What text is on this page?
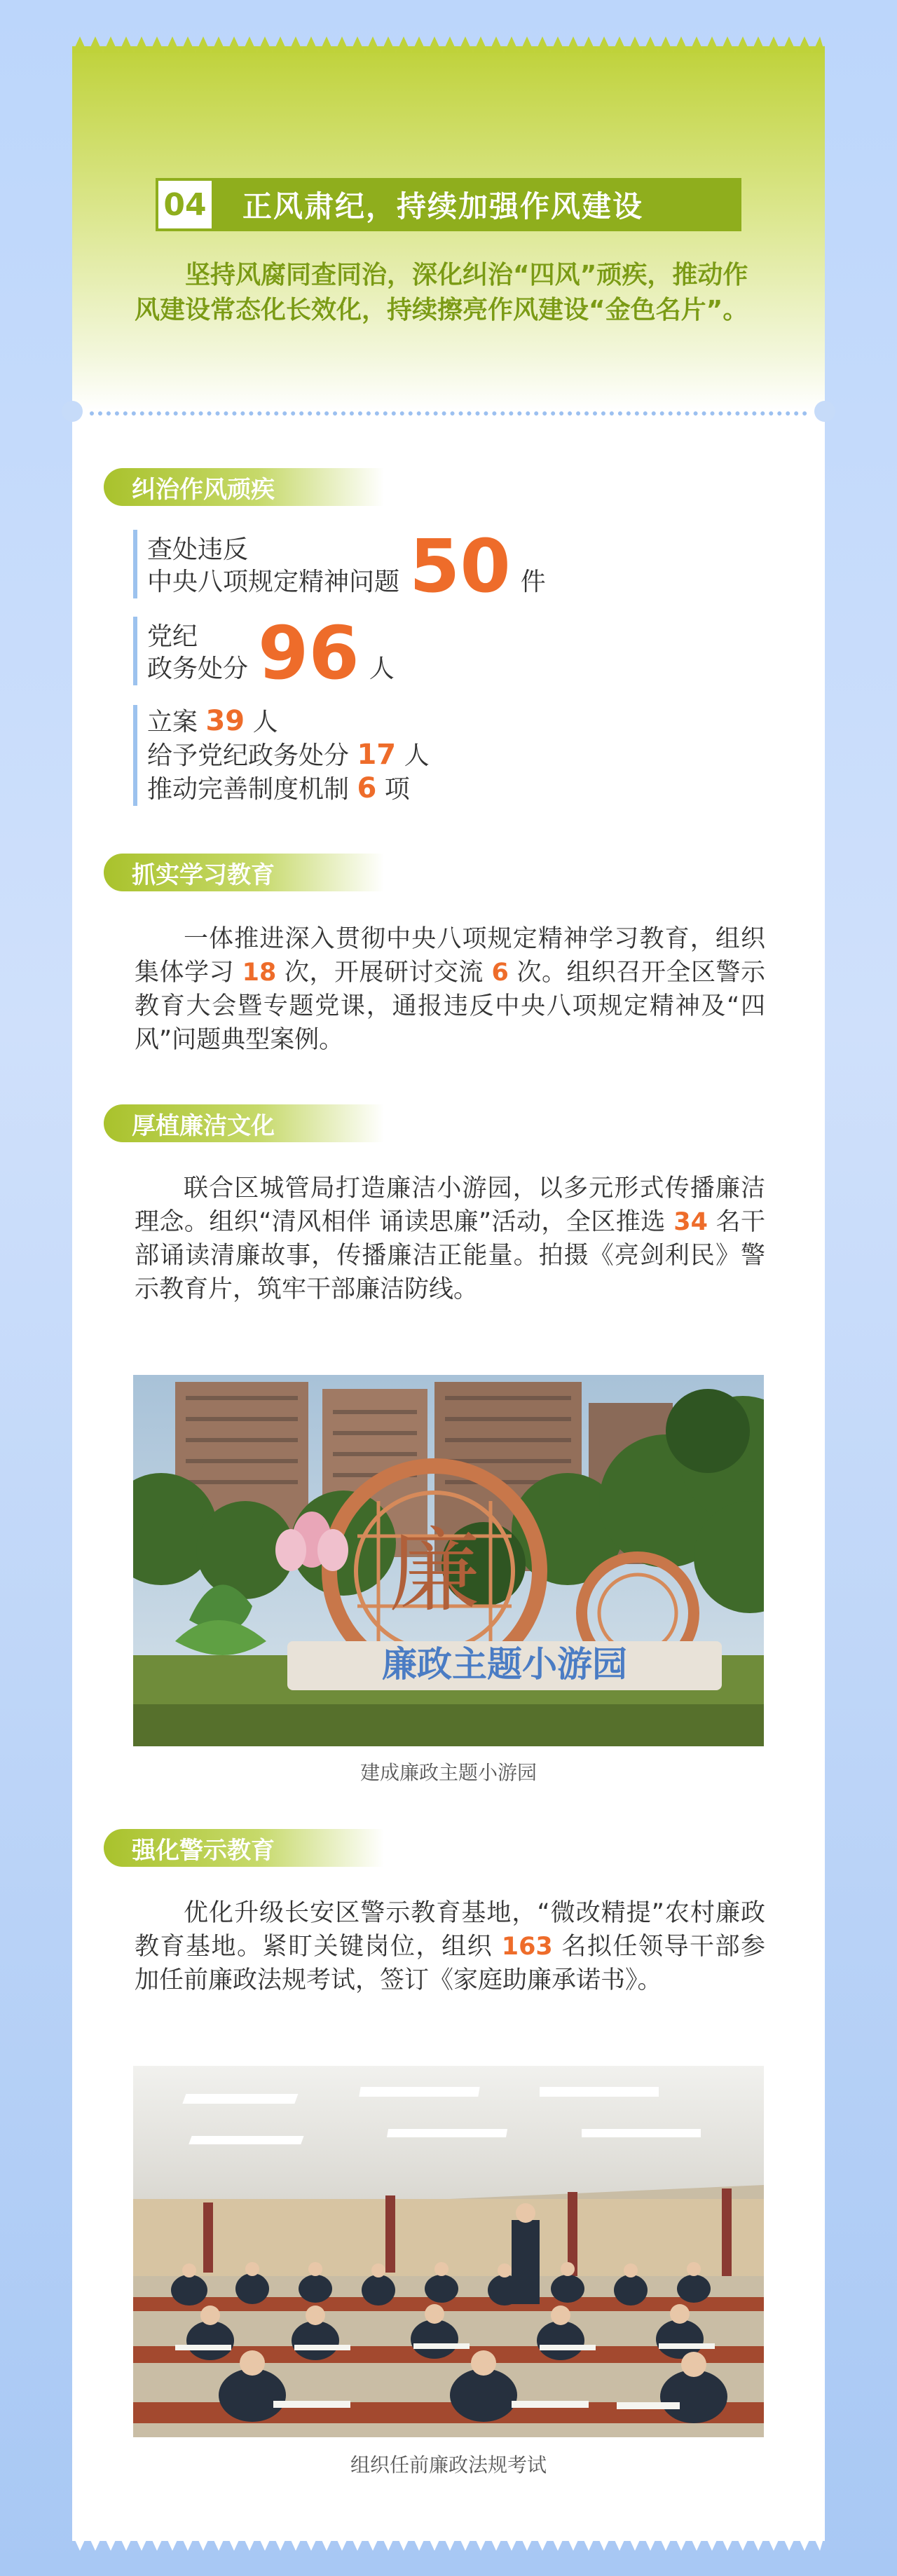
04	正风肃纪，持续加强作风建设
坚持风腐同查同治，深化纠治“四风”顽疾，推动作风建设常态化长效化，持续擦亮作风建设“金色名片”。
纠治作风顽疾
查处违反
中央八项规定精神问题 50 件
党纪
政务处分 96 人
立案 39 人
给予党纪政务处分 17 人
推动完善制度机制 6 项
抓实学习教育
一体推进深入贯彻中央八项规定精神学习教育，组织集体学习 18 次，开展研讨交流 6 次。组织召开全区警示教育大会暨专题党课，通报违反中央八项规定精神及“四风”问题典型案例。
厚植廉洁文化
联合区城管局打造廉洁小游园，以多元形式传播廉洁理念。组织“清风相伴 诵读思廉”活动，全区推选 34 名干部诵读清廉故事，传播廉洁正能量。拍摄《亮剑利民》警示教育片，筑牢干部廉洁防线。
廉
廉政主题小游园
建成廉政主题小游园
强化警示教育
优化升级长安区警示教育基地，“微改精提”农村廉政教育基地。紧盯关键岗位，组织 163 名拟任领导干部参加任前廉政法规考试，签订《家庭助廉承诺书》。
组织任前廉政法规考试
